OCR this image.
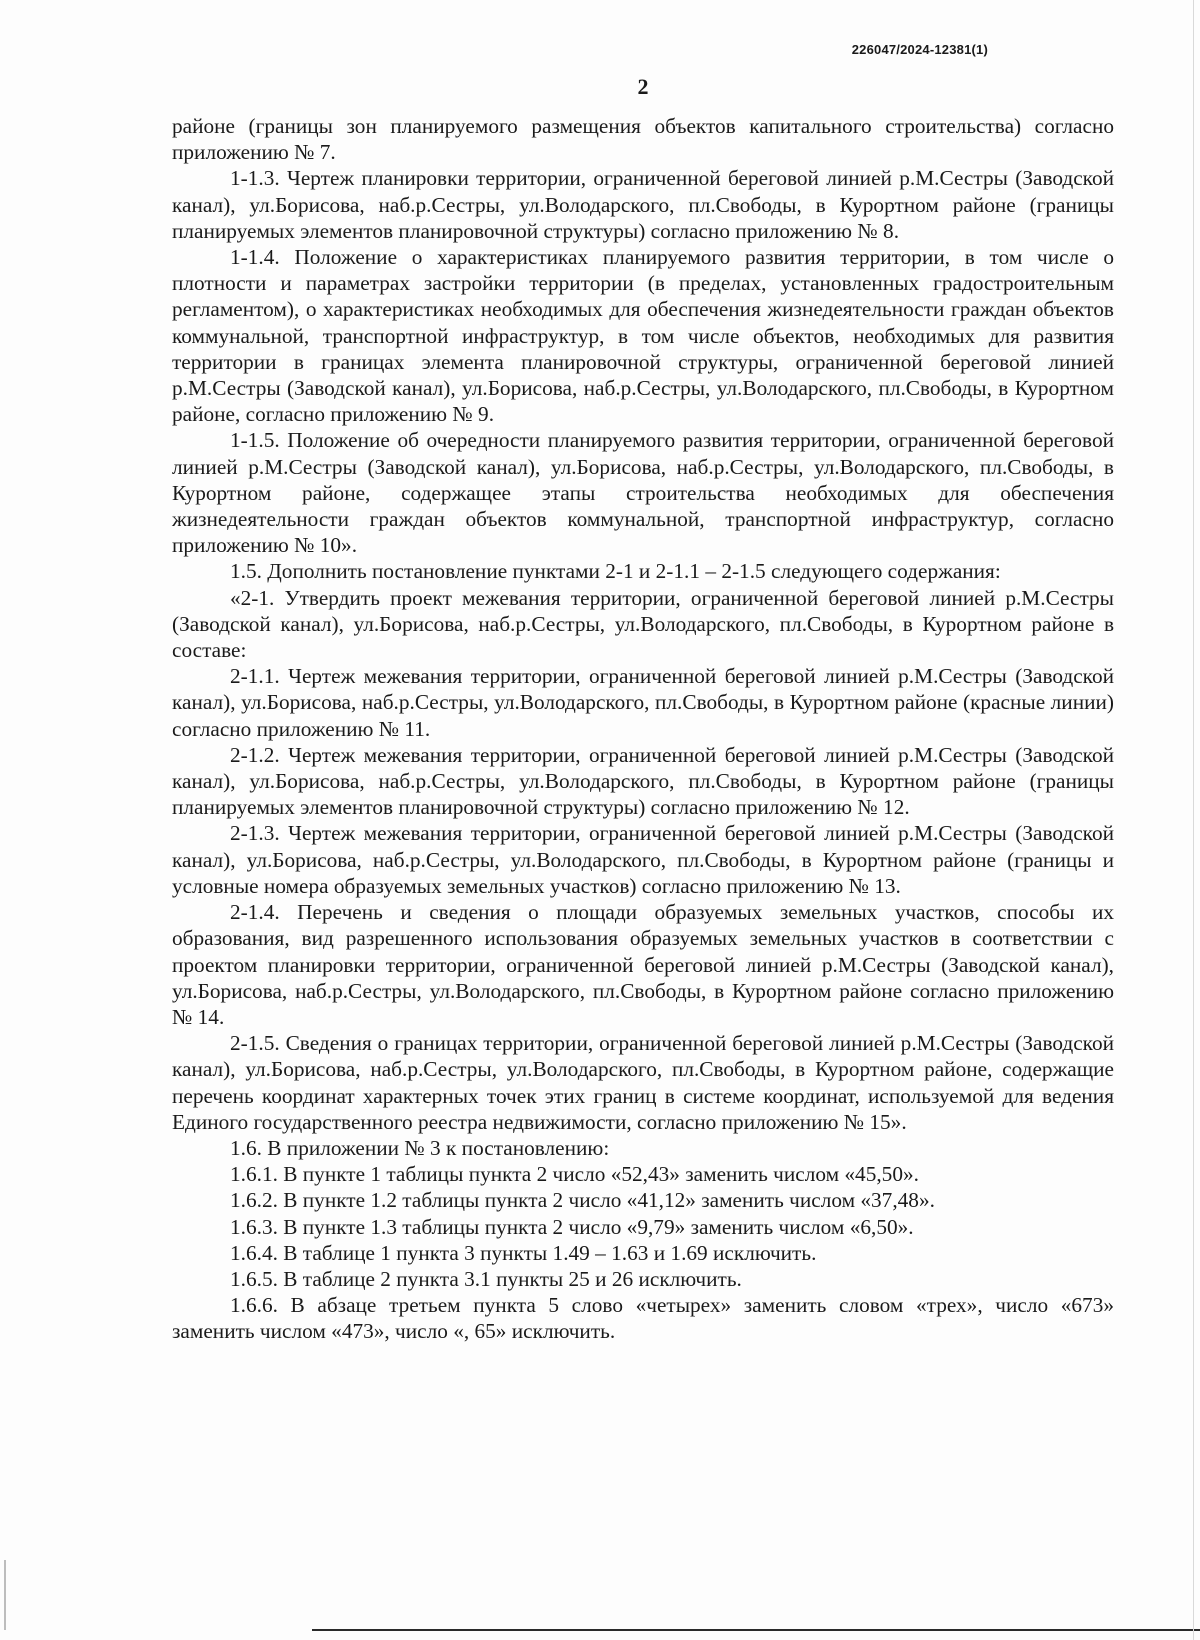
226047/2024-12381(1)
2

районе (границы зон планируемого размещения объектов капитального строительства) согласно приложению № 7.

1-1.3. Чертеж планировки территории, ограниченной береговой линией р.М.Сестры (Заводской канал), ул.Борисова, наб.р.Сестры, ул.Володарского, пл.Свободы, в Курортном районе (границы планируемых элементов планировочной структуры) согласно приложению № 8.

1-1.4. Положение о характеристиках планируемого развития территории, в том числе о плотности и параметрах застройки территории (в пределах, установленных градостроительным регламентом), о характеристиках необходимых для обеспечения жизнедеятельности граждан объектов коммунальной, транспортной инфраструктур, в том числе объектов, необходимых для развития территории в границах элемента планировочной структуры, ограниченной береговой линией р.М.Сестры (Заводской канал), ул.Борисова, наб.р.Сестры, ул.Володарского, пл.Свободы, в Курортном районе, согласно приложению № 9.

1-1.5. Положение об очередности планируемого развития территории, ограниченной береговой линией р.М.Сестры (Заводской канал), ул.Борисова, наб.р.Сестры, ул.Володарского, пл.Свободы, в Курортном районе, содержащее этапы строительства необходимых для обеспечения жизнедеятельности граждан объектов коммунальной, транспортной инфраструктур, согласно приложению № 10».

1.5. Дополнить постановление пунктами 2-1 и 2-1.1 – 2-1.5 следующего содержания:

«2-1. Утвердить проект межевания территории, ограниченной береговой линией р.М.Сестры (Заводской канал), ул.Борисова, наб.р.Сестры, ул.Володарского, пл.Свободы, в Курортном районе в составе:

2-1.1. Чертеж межевания территории, ограниченной береговой линией р.М.Сестры (Заводской канал), ул.Борисова, наб.р.Сестры, ул.Володарского, пл.Свободы, в Курортном районе (красные линии) согласно приложению № 11.

2-1.2. Чертеж межевания территории, ограниченной береговой линией р.М.Сестры (Заводской канал), ул.Борисова, наб.р.Сестры, ул.Володарского, пл.Свободы, в Курортном районе (границы планируемых элементов планировочной структуры) согласно приложению № 12.

2-1.3. Чертеж межевания территории, ограниченной береговой линией р.М.Сестры (Заводской канал), ул.Борисова, наб.р.Сестры, ул.Володарского, пл.Свободы, в Курортном районе (границы и условные номера образуемых земельных участков) согласно приложению № 13.

2-1.4. Перечень и сведения о площади образуемых земельных участков, способы их образования, вид разрешенного использования образуемых земельных участков в соответствии с проектом планировки территории, ограниченной береговой линией р.М.Сестры (Заводской канал), ул.Борисова, наб.р.Сестры, ул.Володарского, пл.Свободы, в Курортном районе согласно приложению № 14.

2-1.5. Сведения о границах территории, ограниченной береговой линией р.М.Сестры (Заводской канал), ул.Борисова, наб.р.Сестры, ул.Володарского, пл.Свободы, в Курортном районе, содержащие перечень координат характерных точек этих границ в системе координат, используемой для ведения Единого государственного реестра недвижимости, согласно приложению № 15».

1.6. В приложении № 3 к постановлению:

1.6.1. В пункте 1 таблицы пункта 2 число «52,43» заменить числом «45,50».

1.6.2. В пункте 1.2 таблицы пункта 2 число «41,12» заменить числом «37,48».

1.6.3. В пункте 1.3 таблицы пункта 2 число «9,79» заменить числом «6,50».

1.6.4. В таблице 1 пункта 3 пункты 1.49 – 1.63 и 1.69 исключить.

1.6.5. В таблице 2 пункта 3.1 пункты 25 и 26 исключить.

1.6.6. В абзаце третьем пункта 5 слово «четырех» заменить словом «трех», число «673» заменить числом «473», число «, 65» исключить.
